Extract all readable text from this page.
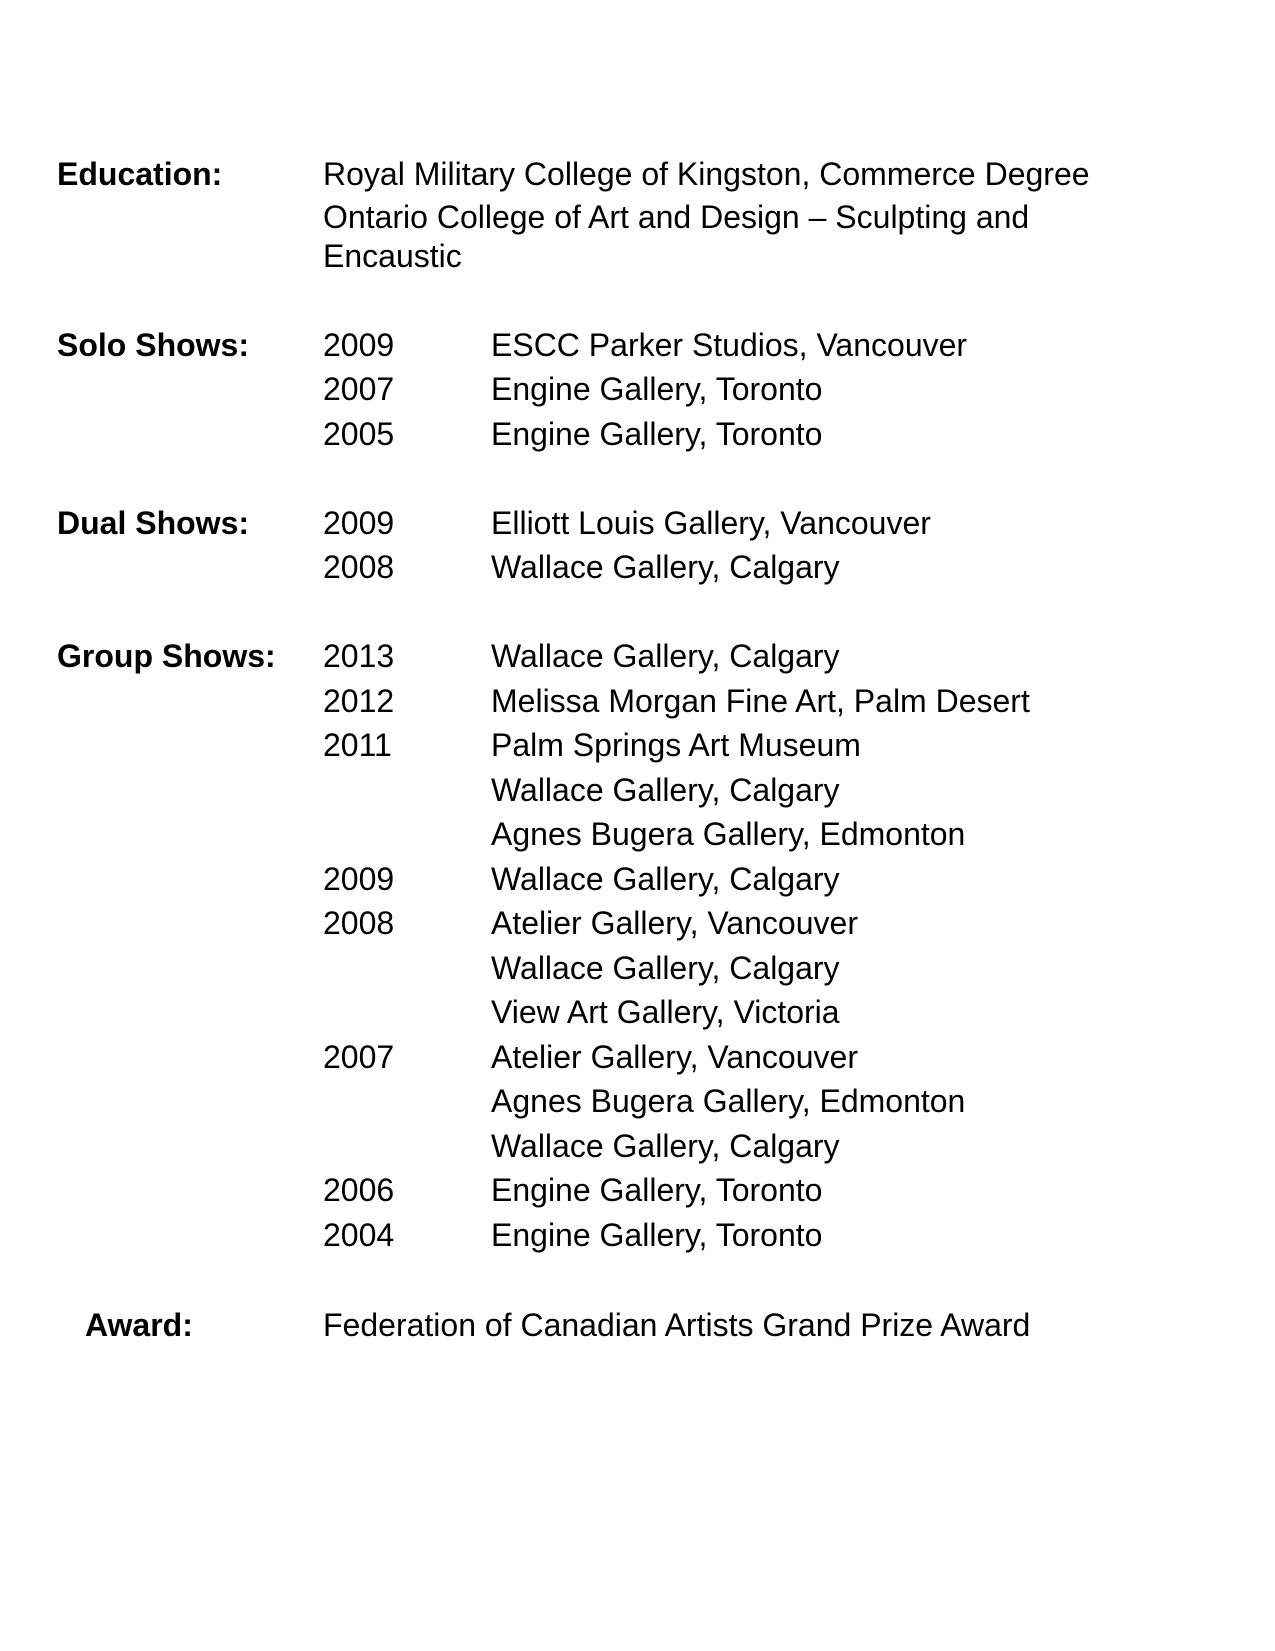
Education:	Royal Military College of Kingston, Commerce Degree
Ontario College of Art and Design – Sculpting and
Encaustic
Solo Shows: 2009	ESCC Parker Studios, Vancouver
2007	Engine Gallery, Toronto
2005	Engine Gallery, Toronto
Dual Shows: 2009	Elliott Louis Gallery, Vancouver
2008	Wallace Gallery, Calgary
Group Shows: 2013	Wallace Gallery, Calgary
2012	Melissa Morgan Fine Art, Palm Desert
2011	Palm Springs Art Museum
Wallace Gallery, Calgary
Agnes Bugera Gallery, Edmonton
2009	Wallace Gallery, Calgary
2008	Atelier Gallery, Vancouver
Wallace Gallery, Calgary
View Art Gallery, Victoria
2007	Atelier Gallery, Vancouver
Agnes Bugera Gallery, Edmonton
Wallace Gallery, Calgary
2006	Engine Gallery, Toronto
2004	Engine Gallery, Toronto
Award:	Federation of Canadian Artists Grand Prize Award
